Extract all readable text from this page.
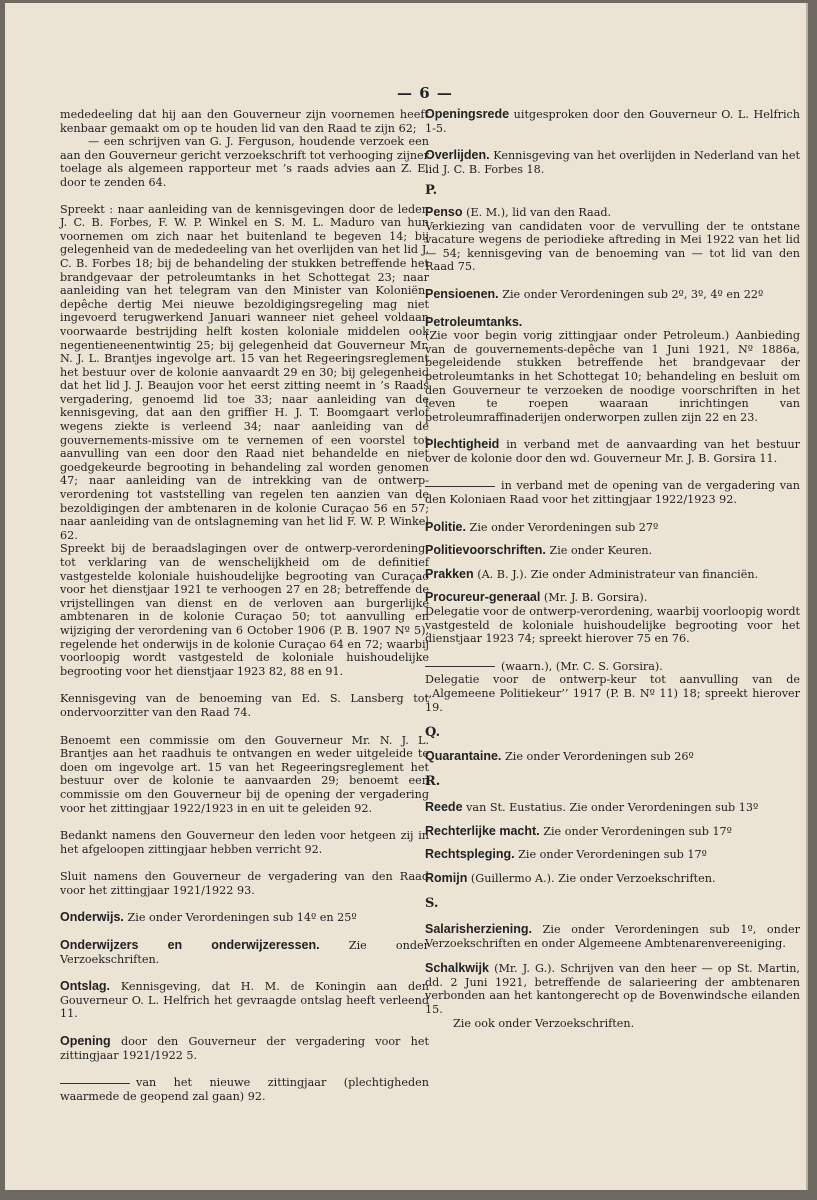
— 6 —

mededeeling dat hij aan den Gouverneur zijn voornemen heeft kenbaar gemaakt om op te houden lid van den Raad te zijn 62;

— een schrijven van G. J. Ferguson, houdende verzoek een aan den Gouverneur gericht verzoekschrift tot verhooging zijner toelage als algemeen rapporteur met ’s raads advies aan Z. E. door te zenden 64.

Spreekt : naar aanleiding van de kennisgevingen door de leden J. C. B. Forbes, F. W. P. Winkel en S. M. L. Maduro van hun voornemen om zich naar het buitenland te begeven 14; bij gelegenheid van de mededeeling van het overlijden van het lid J. C. B. Forbes 18; bij de behandeling der stukken betreffende het brandgevaar der petroleumtanks in het Schottegat 23; naar aanleiding van het telegram van den Minister van Koloniën: depêche dertig Mei nieuwe bezoldigingsregeling mag niet ingevoerd terugwerkend Januari wanneer niet geheel voldaan voorwaarde bestrijding helft kosten koloniale middelen ook negentieneenentwintig 25; bij gelegenheid dat Gouverneur Mr. N. J. L. Brantjes ingevolge art. 15 van het Regeeringsreglement het bestuur over de kolonie aanvaardt 29 en 30; bij gelegenheid dat het lid J. J. Beaujon voor het eerst zitting neemt in ’s Raads vergadering, genoemd lid toe 33; naar aanleiding van de kennisgeving, dat aan den griffier H. J. T. Boomgaart verlof wegens ziekte is verleend 34; naar aanleiding van de gouvernements-missive om te vernemen of een voorstel tot aanvulling van een door den Raad niet behandelde en niet goedgekeurde begrooting in behandeling zal worden genomen 47; naar aanleiding van de intrekking van de ontwerp-verordening tot vaststelling van regelen ten aanzien van de bezoldigingen der ambtenaren in de kolonie Curaçao 56 en 57; naar aanleiding van de ontslagneming van het lid F. W. P. Winkel 62.

Spreekt bij de beraadslagingen over de ontwerp-verordening: tot verklaring van de wenschelijkheid om de definitief vastgestelde koloniale huishoudelijke begrooting van Curaçao voor het dienstjaar 1921 te verhoogen 27 en 28; betreffende de vrijstellingen van dienst en de verloven aan burgerlijke ambtenaren in de kolonie Curaçao 50; tot aanvulling en wijziging der verordening van 6 October 1906 (P. B. 1907 Nº 5), regelende het onderwijs in de kolonie Curaçao 64 en 72; waarbij voorloopig wordt vastgesteld de koloniale huishoudelijke begrooting voor het dienstjaar 1923 82, 88 en 91.

Kennisgeving van de benoeming van Ed. S. Lansberg tot ondervoorzitter van den Raad 74.

Benoemt een commissie om den Gouverneur Mr. N. J. L. Brantjes aan het raadhuis te ontvangen en weder uitgeleide te doen om ingevolge art. 15 van het Regeeringsreglement het bestuur over de kolonie te aanvaarden 29; benoemt een commissie om den Gouverneur bij de opening der vergadering voor het zittingjaar 1922/1923 in en uit te geleiden 92.

Bedankt namens den Gouverneur den leden voor hetgeen zij in het afgeloopen zittingjaar hebben verricht 92.

Sluit namens den Gouverneur de vergadering van den Raad voor het zittingjaar 1921/1922 93.

Onderwijs. Zie onder Verordeningen sub 14º en 25º

Onderwijzers en onderwijzeressen.	Zie onder Verzoekschriften.

Ontslag. Kennisgeving, dat H. M. de Koningin aan den Gouverneur O. L. Helfrich het gevraagde ontslag heeft verleend 11.

Opening door den Gouverneur der vergadering voor het zittingjaar 1921/1922 5.

van het nieuwe zittingjaar (plechtigheden waarmede de geopend zal gaan) 92.

Openingsrede uitgesproken door den Gouverneur O. L. Helfrich 1-5.

Overlijden. Kennisgeving van het overlijden in Nederland van het lid J. C. B. Forbes 18.

P.

Penso (E. M.), lid van den Raad.

Verkiezing van candidaten voor de vervulling der te ontstane vacature wegens de periodieke aftreding in Mei 1922 van het lid — 54; kennisgeving van de benoeming van — tot lid van den Raad 75.

Pensioenen. Zie onder Verordeningen sub 2º, 3º, 4º en 22º

Petroleumtanks.

(Zie voor begin vorig zittingjaar onder Petroleum.) Aanbieding van de gouvernements-depêche van 1 Juni 1921, Nº 1886a, begeleidende stukken betreffende het brandgevaar der petroleumtanks in het Schottegat 10; behandeling en besluit om den Gouverneur te verzoeken de noodige voorschriften in het leven te roepen waaraan inrichtingen van petroleumraffinaderijen onderworpen zullen zijn 22 en 23.

Plechtigheid in verband met de aanvaarding van het bestuur over de kolonie door den wd. Gouverneur Mr. J. B. Gorsira 11.

in verband met de opening van de vergadering van den Koloniaen Raad voor het zittingjaar 1922/1923 92.

Politie. Zie onder Verordeningen sub 27º

Politievoorschriften. Zie onder Keuren.

Prakken (A. B. J.). Zie onder Administrateur van financiën.

Procureur-generaal (Mr. J. B. Gorsira).

Delegatie voor de ontwerp-verordening, waarbij voorloopig wordt vastgesteld de koloniale huishoudelijke begrooting voor het dienstjaar 1923 74; spreekt hierover 75 en 76.

(waarn.), (Mr. C. S. Gorsira).

Delegatie voor de ontwerp-keur tot aanvulling van de ,,Algemeene Politiekeur’’ 1917 (P. B. Nº 11) 18; spreekt hierover 19.

Q.

Quarantaine. Zie onder Verordeningen sub 26º

R.

Reede van St. Eustatius. Zie onder Verordeningen sub 13º

Rechterlijke macht. Zie onder Verordeningen sub 17º

Rechtspleging. Zie onder Verordeningen sub 17º

Romijn (Guillermo A.). Zie onder Verzoekschriften.

S.

Salarisherziening. Zie onder Verordeningen sub 1º, onder Verzoekschriften en onder Algemeene Ambtenarenvereeniging.

Schalkwijk (Mr. J. G.). Schrijven van den heer — op St. Martin, dd. 2 Juni 1921, betreffende de salarieering der ambtenaren verbonden aan het kantongerecht op de Bovenwindsche eilanden 15.

Zie ook onder Verzoekschriften.
